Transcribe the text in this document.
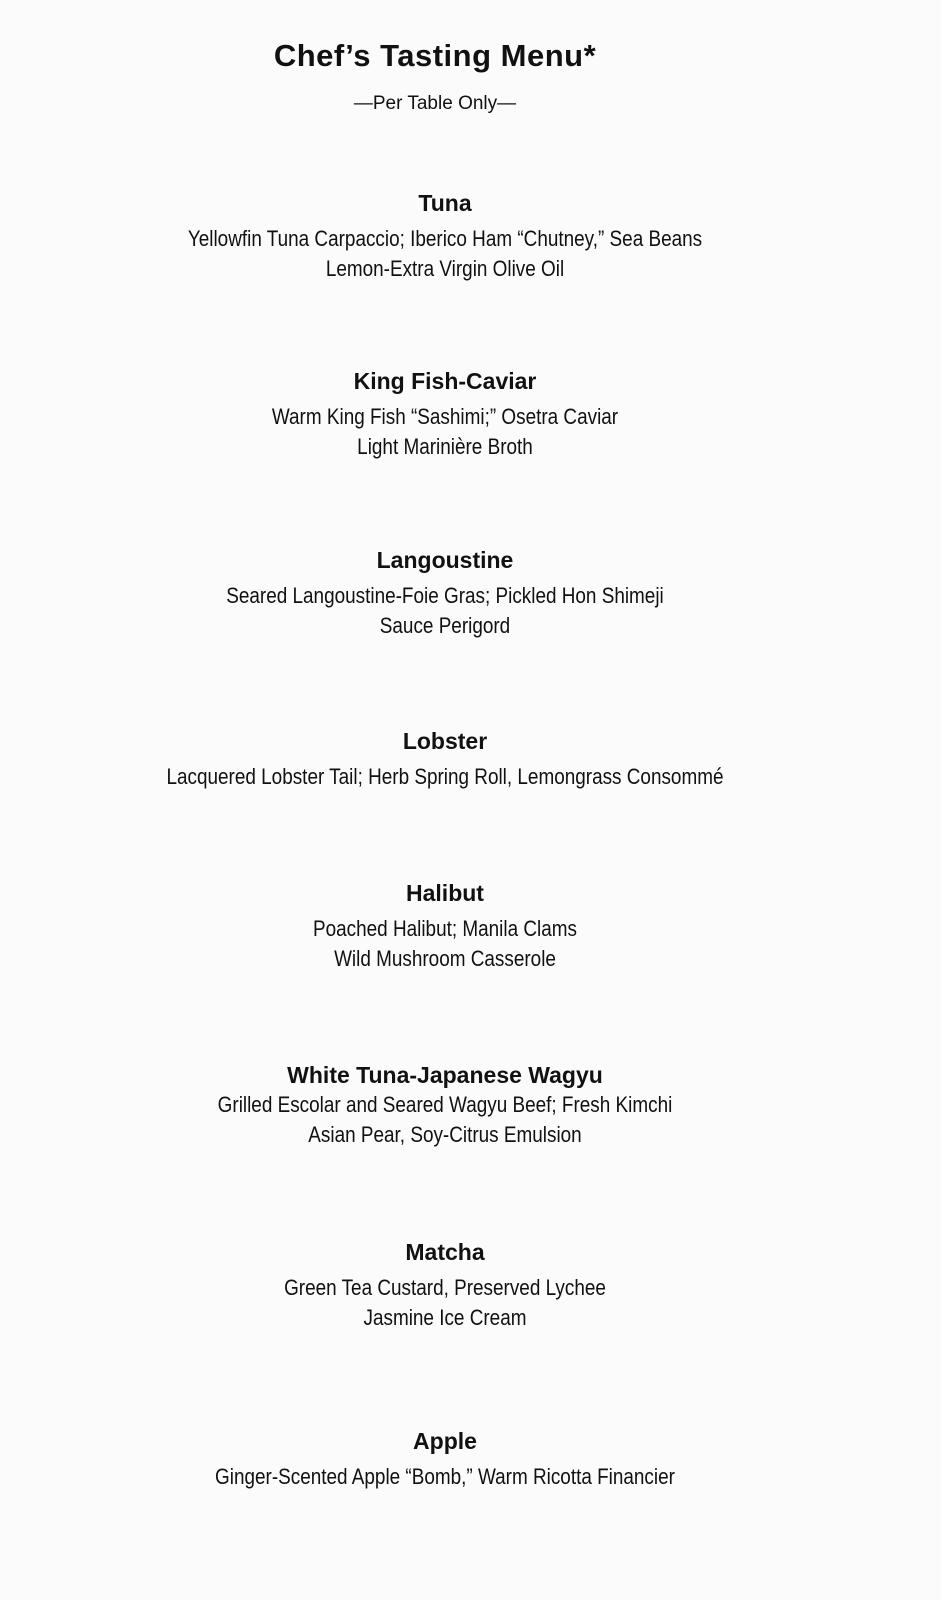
Chef’s Tasting Menu*
—Per Table Only—
Tuna
Yellowfin Tuna Carpaccio; Iberico Ham “Chutney,” Sea Beans
Lemon-Extra Virgin Olive Oil
King Fish-Caviar
Warm King Fish “Sashimi;” Osetra Caviar
Light Marinière Broth
Langoustine
Seared Langoustine-Foie Gras; Pickled Hon Shimeji
Sauce Perigord
Lobster
Lacquered Lobster Tail; Herb Spring Roll, Lemongrass Consommé
Halibut
Poached Halibut; Manila Clams
Wild Mushroom Casserole
White Tuna-Japanese Wagyu
Grilled Escolar and Seared Wagyu Beef; Fresh Kimchi
Asian Pear, Soy-Citrus Emulsion
Matcha
Green Tea Custard, Preserved Lychee
Jasmine Ice Cream
Apple
Ginger-Scented Apple “Bomb,” Warm Ricotta Financier
